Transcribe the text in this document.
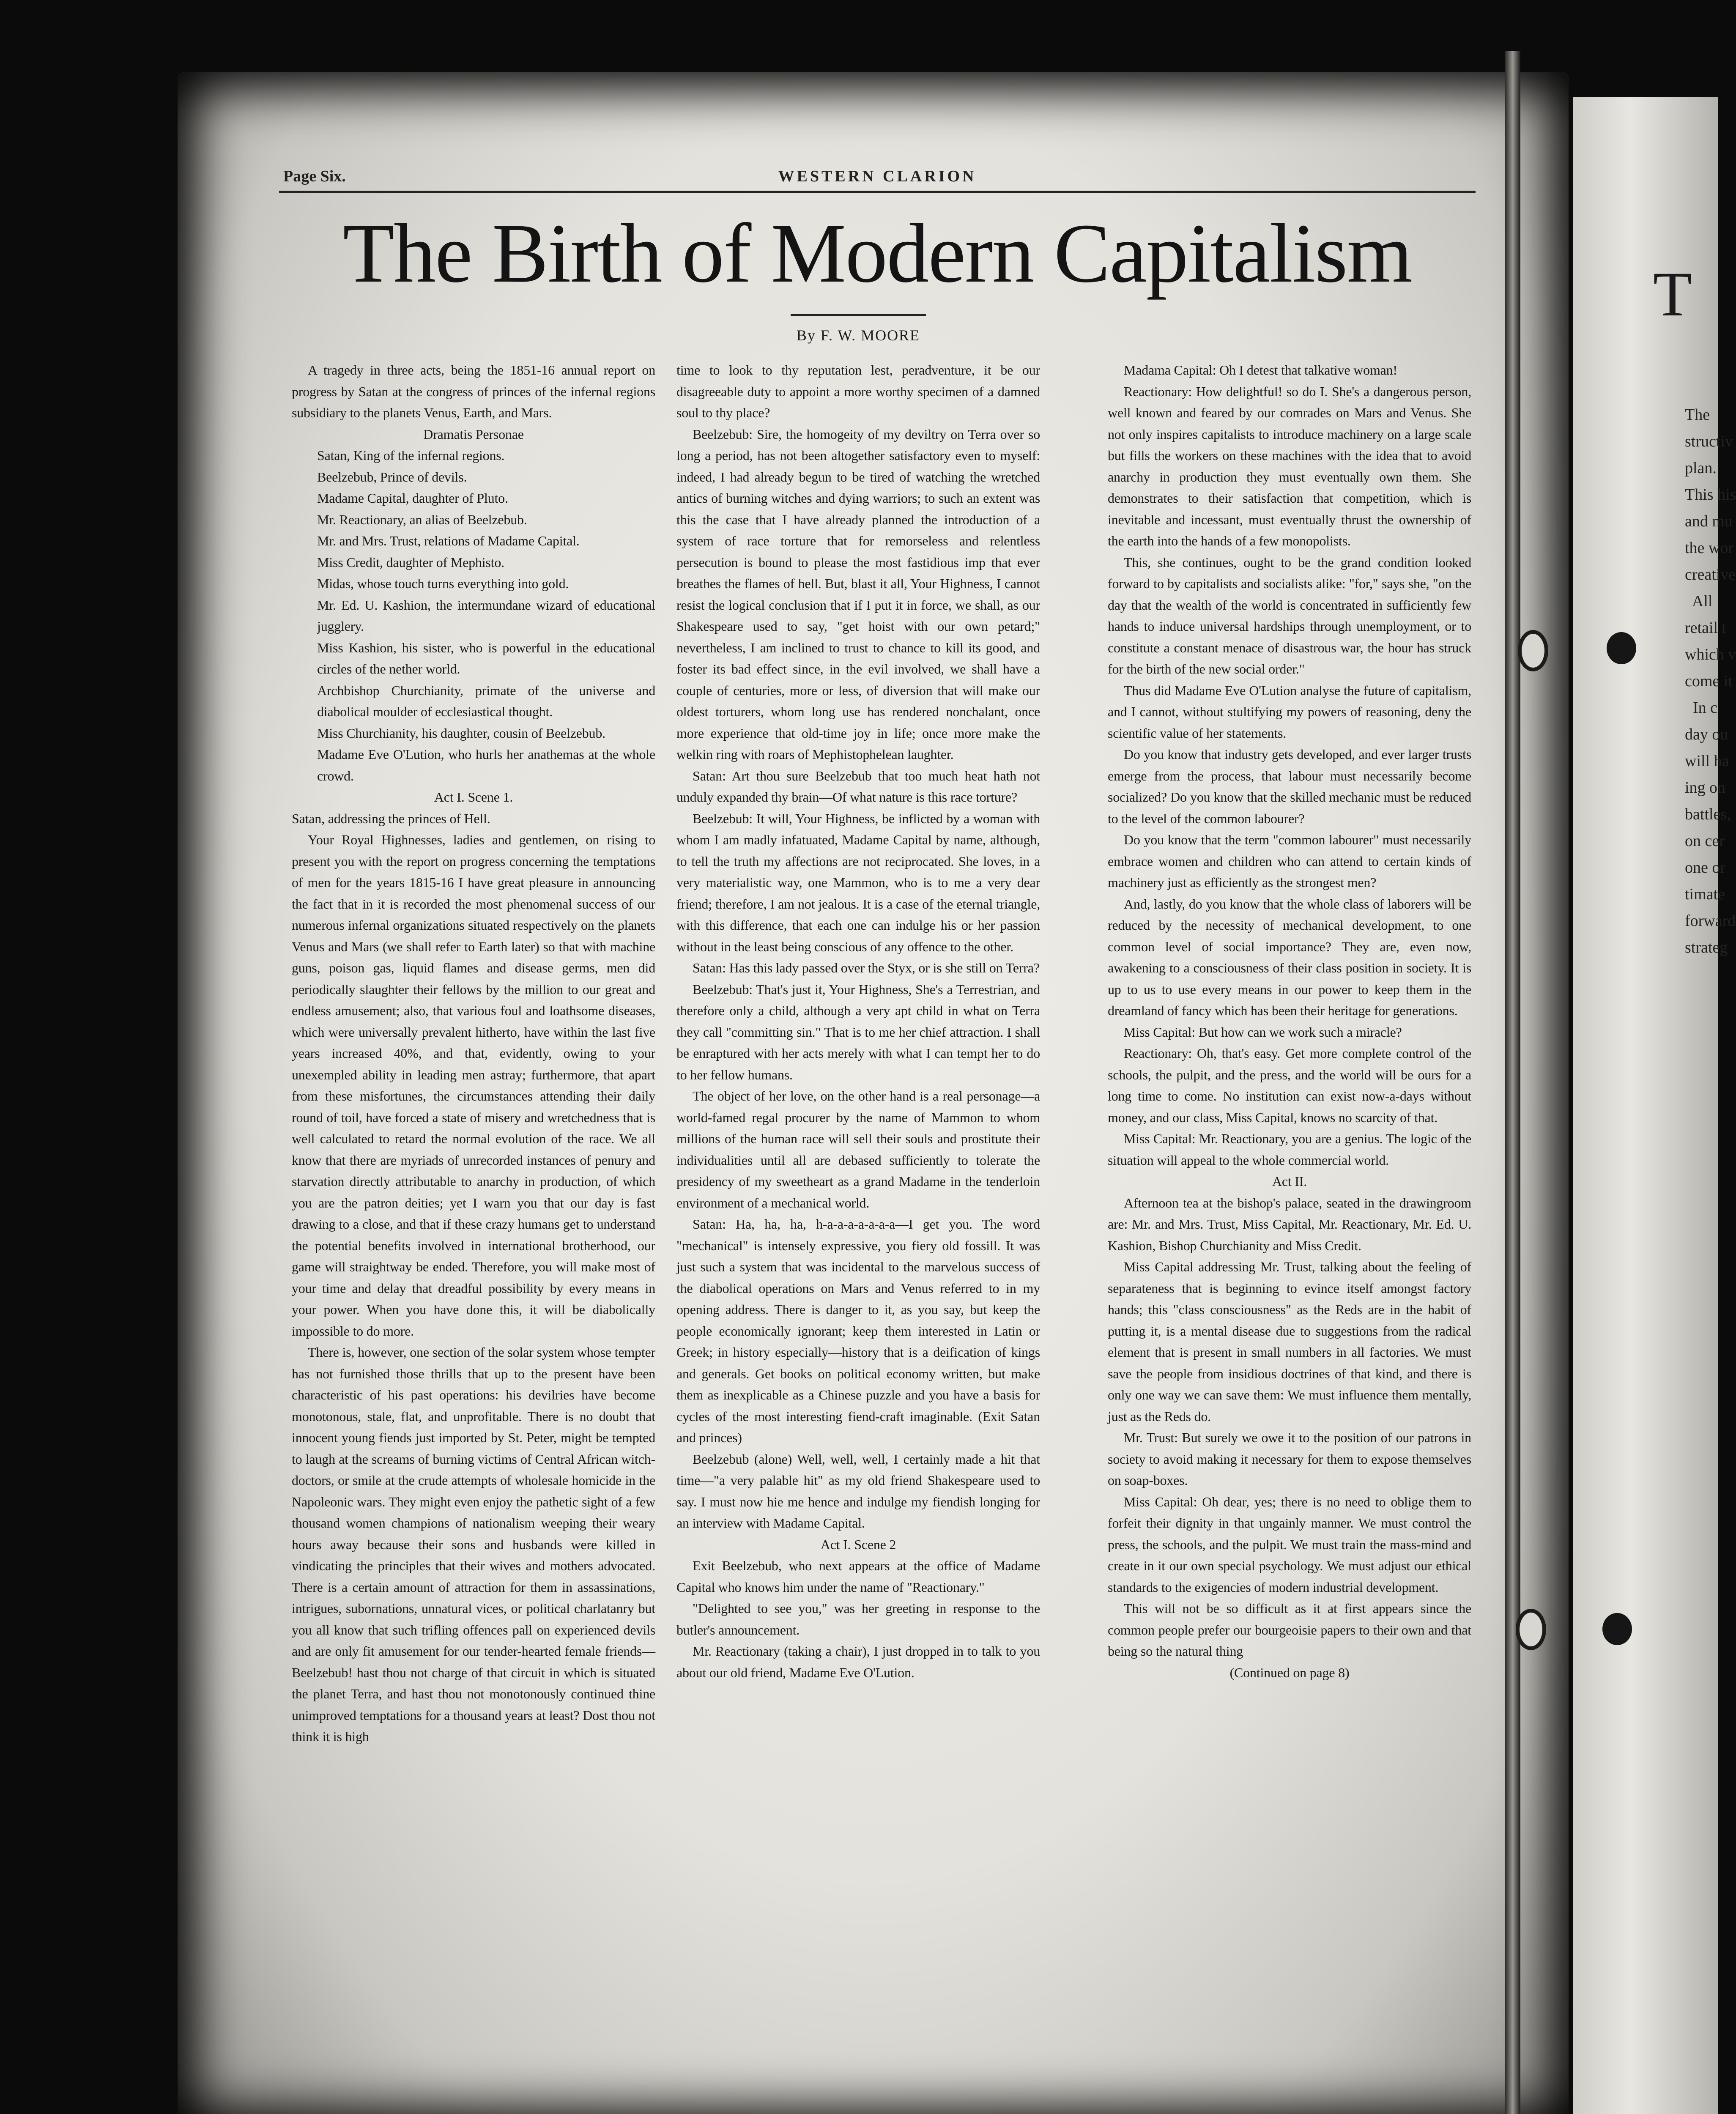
T
The
structiv
plan.
This his
and mu
the wor
creative
All
retail t
which v
come it
In c
day ou
will ha
ing on
battles,
on cer
one or
timate
forward
strateg
Page Six.	WESTERN CLARION
The Birth of Modern Capitalism
By F. W. MOORE

A tragedy in three acts, being the 1851-16 annual report on progress by Satan at the congress of princes of the infernal regions subsidiary to the planets Venus, Earth, and Mars.

Dramatis Personae

Satan, King of the infernal regions.

Beelzebub, Prince of devils.

Madame Capital, daughter of Pluto.

Mr. Reactionary, an alias of Beelzebub.

Mr. and Mrs. Trust, relations of Madame Capital.

Miss Credit, daughter of Mephisto.

Midas, whose touch turns everything into gold.

Mr. Ed. U. Kashion, the intermundane wizard of educational jugglery.

Miss Kashion, his sister, who is powerful in the educational circles of the nether world.

Archbishop Churchianity, primate of the universe and diabolical moulder of ecclesiastical thought.

Miss Churchianity, his daughter, cousin of Beelzebub.

Madame Eve O'Lution, who hurls her anathemas at the whole crowd.

Act I. Scene 1.

Satan, addressing the princes of Hell.

Your Royal Highnesses, ladies and gentlemen, on rising to present you with the report on progress concerning the temptations of men for the years 1815-16 I have great pleasure in announcing the fact that in it is recorded the most phenomenal success of our numerous infernal organizations situated respectively on the planets Venus and Mars (we shall refer to Earth later) so that with machine guns, poison gas, liquid flames and disease germs, men did periodically slaughter their fellows by the million to our great and endless amusement; also, that various foul and loathsome diseases, which were universally prevalent hitherto, have within the last five years increased 40%, and that, evidently, owing to your unexempled ability in leading men astray; furthermore, that apart from these misfortunes, the circumstances attending their daily round of toil, have forced a state of misery and wretchedness that is well calculated to retard the normal evolution of the race. We all know that there are myriads of unrecorded instances of penury and starvation directly attributable to anarchy in production, of which you are the patron deities; yet I warn you that our day is fast drawing to a close, and that if these crazy humans get to understand the potential benefits involved in international brotherhood, our game will straightway be ended. Therefore, you will make most of your time and delay that dreadful possibility by every means in your power. When you have done this, it will be diabolically impossible to do more.

There is, however, one section of the solar system whose tempter has not furnished those thrills that up to the present have been characteristic of his past operations: his devilries have become monotonous, stale, flat, and unprofitable. There is no doubt that innocent young fiends just imported by St. Peter, might be tempted to laugh at the screams of burning victims of Central African witch-doctors, or smile at the crude attempts of wholesale homicide in the Napoleonic wars. They might even enjoy the pathetic sight of a few thousand women champions of nationalism weeping their weary hours away because their sons and husbands were killed in vindicating the principles that their wives and mothers advocated. There is a certain amount of attraction for them in assassinations, intrigues, subornations, unnatural vices, or political charlatanry but you all know that such trifling offences pall on experienced devils and are only fit amusement for our tender-hearted female friends—Beelzebub! hast thou not charge of that circuit in which is situated the planet Terra, and hast thou not monotonously continued thine unimproved temptations for a thousand years at least? Dost thou not think it is high

time to look to thy reputation lest, peradventure, it be our disagreeable duty to appoint a more worthy specimen of a damned soul to thy place?

Beelzebub: Sire, the homogeity of my deviltry on Terra over so long a period, has not been altogether satisfactory even to myself: indeed, I had already begun to be tired of watching the wretched antics of burning witches and dying warriors; to such an extent was this the case that I have already planned the introduction of a system of race torture that for remorseless and relentless persecution is bound to please the most fastidious imp that ever breathes the flames of hell. But, blast it all, Your Highness, I cannot resist the logical conclusion that if I put it in force, we shall, as our Shakespeare used to say, "get hoist with our own petard;" nevertheless, I am inclined to trust to chance to kill its good, and foster its bad effect since, in the evil involved, we shall have a couple of centuries, more or less, of diversion that will make our oldest torturers, whom long use has rendered nonchalant, once more experience that old-time joy in life; once more make the welkin ring with roars of Mephistophelean laughter.

Satan: Art thou sure Beelzebub that too much heat hath not unduly expanded thy brain—Of what nature is this race torture?

Beelzebub: It will, Your Highness, be inflicted by a woman with whom I am madly infatuated, Madame Capital by name, although, to tell the truth my affections are not reciprocated. She loves, in a very materialistic way, one Mammon, who is to me a very dear friend; therefore, I am not jealous. It is a case of the eternal triangle, with this difference, that each one can indulge his or her passion without in the least being conscious of any offence to the other.

Satan: Has this lady passed over the Styx, or is she still on Terra?

Beelzebub: That's just it, Your Highness, She's a Terrestrian, and therefore only a child, although a very apt child in what on Terra they call "committing sin." That is to me her chief attraction. I shall be enraptured with her acts merely with what I can tempt her to do to her fellow humans.

The object of her love, on the other hand is a real personage—a world-famed regal procurer by the name of Mammon to whom millions of the human race will sell their souls and prostitute their individualities until all are debased sufficiently to tolerate the presidency of my sweetheart as a grand Madame in the tenderloin environment of a mechanical world.

Satan: Ha, ha, ha, h-a-a-a-a-a-a-a—I get you. The word "mechanical" is intensely expressive, you fiery old fossill. It was just such a system that was incidental to the marvelous success of the diabolical operations on Mars and Venus referred to in my opening address. There is danger to it, as you say, but keep the people economically ignorant; keep them interested in Latin or Greek; in history especially—history that is a deification of kings and generals. Get books on political economy written, but make them as inexplicable as a Chinese puzzle and you have a basis for cycles of the most interesting fiend-craft imaginable. (Exit Satan and princes)

Beelzebub (alone) Well, well, well, I certainly made a hit that time—"a very palable hit" as my old friend Shakespeare used to say. I must now hie me hence and indulge my fiendish longing for an interview with Madame Capital.

Act I. Scene 2

Exit Beelzebub, who next appears at the office of Madame Capital who knows him under the name of "Reactionary."

"Delighted to see you," was her greeting in response to the butler's announcement.

Mr. Reactionary (taking a chair), I just dropped in to talk to you about our old friend, Madame Eve O'Lution.

Madama Capital: Oh I detest that talkative woman!

Reactionary: How delightful! so do I. She's a dangerous person, well known and feared by our comrades on Mars and Venus. She not only inspires capitalists to introduce machinery on a large scale but fills the workers on these machines with the idea that to avoid anarchy in production they must eventually own them. She demonstrates to their satisfaction that competition, which is inevitable and incessant, must eventually thrust the ownership of the earth into the hands of a few monopolists.

This, she continues, ought to be the grand condition looked forward to by capitalists and socialists alike: "for," says she, "on the day that the wealth of the world is concentrated in sufficiently few hands to induce universal hardships through unemployment, or to constitute a constant menace of disastrous war, the hour has struck for the birth of the new social order."

Thus did Madame Eve O'Lution analyse the future of capitalism, and I cannot, without stultifying my powers of reasoning, deny the scientific value of her statements.

Do you know that industry gets developed, and ever larger trusts emerge from the process, that labour must necessarily become socialized? Do you know that the skilled mechanic must be reduced to the level of the common labourer?

Do you know that the term "common labourer" must necessarily embrace women and children who can attend to certain kinds of machinery just as efficiently as the strongest men?

And, lastly, do you know that the whole class of laborers will be reduced by the necessity of mechanical development, to one common level of social importance? They are, even now, awakening to a consciousness of their class position in society. It is up to us to use every means in our power to keep them in the dreamland of fancy which has been their heritage for generations.

Miss Capital: But how can we work such a miracle?

Reactionary: Oh, that's easy. Get more complete control of the schools, the pulpit, and the press, and the world will be ours for a long time to come. No institution can exist now-a-days without money, and our class, Miss Capital, knows no scarcity of that.

Miss Capital: Mr. Reactionary, you are a genius. The logic of the situation will appeal to the whole commercial world.

Act II.

Afternoon tea at the bishop's palace, seated in the drawingroom are: Mr. and Mrs. Trust, Miss Capital, Mr. Reactionary, Mr. Ed. U. Kashion, Bishop Churchianity and Miss Credit.

Miss Capital addressing Mr. Trust, talking about the feeling of separateness that is beginning to evince itself amongst factory hands; this "class consciousness" as the Reds are in the habit of putting it, is a mental disease due to suggestions from the radical element that is present in small numbers in all factories. We must save the people from insidious doctrines of that kind, and there is only one way we can save them: We must influence them mentally, just as the Reds do.

Mr. Trust: But surely we owe it to the position of our patrons in society to avoid making it necessary for them to expose themselves on soap-boxes.

Miss Capital: Oh dear, yes; there is no need to oblige them to forfeit their dignity in that ungainly manner. We must control the press, the schools, and the pulpit. We must train the mass-mind and create in it our own special psychology. We must adjust our ethical standards to the exigencies of modern industrial development.

This will not be so difficult as it at first appears since the common people prefer our bourgeoisie papers to their own and that being so the natural thing

(Continued on page 8)
